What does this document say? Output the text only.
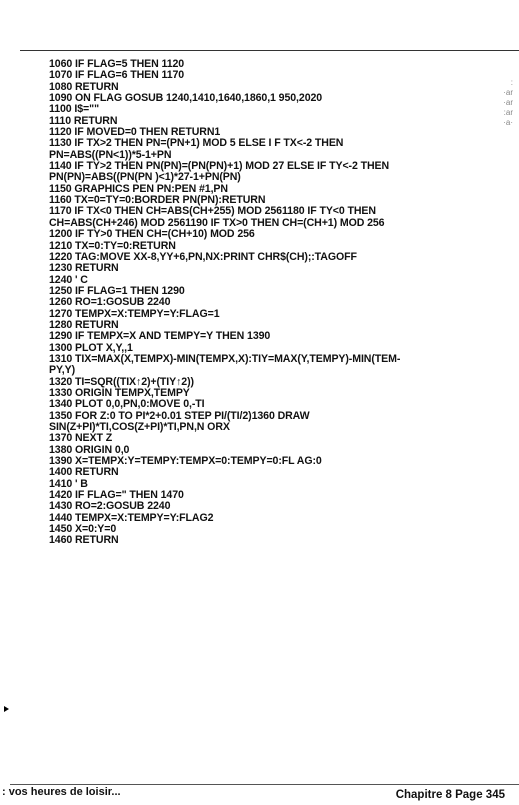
:
·ar
·ar
:ar
·a·
1060 IF FLAG=5 THEN 1120
1070 IF FLAG=6 THEN 1170
1080 RETURN
1090 ON FLAG GOSUB 1240,1410,1640,1860,1 950,2020
1100 I$=""
1110 RETURN
1120 IF MOVED=0 THEN RETURN1
1130 IF TX>2 THEN PN=(PN+1) MOD 5 ELSE I F TX<-2 THEN
PN=ABS((PN<1))*5-1+PN
1140 IF TY>2 THEN PN(PN)=(PN(PN)+1) MOD 27 ELSE IF TY<-2 THEN
PN(PN)=ABS((PN(PN )<1)*27-1+PN(PN)
1150 GRAPHICS PEN PN:PEN #1,PN
1160 TX=0=TY=0:BORDER PN(PN):RETURN
1170 IF TX<0 THEN CH=ABS(CH+255) MOD 2561180 IF TY<0 THEN
CH=ABS(CH+246) MOD 2561190 IF TX>0 THEN CH=(CH+1) MOD 256
1200 IF TY>0 THEN CH=(CH+10) MOD 256
1210 TX=0:TY=0:RETURN
1220 TAG:MOVE XX-8,YY+6,PN,NX:PRINT CHR$(CH);:TAGOFF
1230 RETURN
1240 ' C
1250 IF FLAG=1 THEN 1290
1260 RO=1:GOSUB 2240
1270 TEMPX=X:TEMPY=Y:FLAG=1
1280 RETURN
1290 IF TEMPX=X AND TEMPY=Y THEN 1390
1300 PLOT X,Y,,1
1310 TIX=MAX(X,TEMPX)-MIN(TEMPX,X):TIY=MAX(Y,TEMPY)-MIN(TEM-
PY,Y)
1320 TI=SQR((TIX↑2)+(TIY↑2))
1330 ORIGIN TEMPX,TEMPY
1340 PLOT 0,0,PN,0:MOVE 0,-TI
1350 FOR Z:0 TO PI*2+0.01 STEP PI/(TI/2)1360 DRAW
SIN(Z+PI)*TI,COS(Z+PI)*TI,PN,N ORX
1370 NEXT Z
1380 ORIGIN 0,0
1390 X=TEMPX:Y=TEMPY:TEMPX=0:TEMPY=0:FL AG:0
1400 RETURN
1410 ' B
1420 IF FLAG=" THEN 1470
1430 RO=2:GOSUB 2240
1440 TEMPX=X:TEMPY=Y:FLAG2
1450 X=0:Y=0
1460 RETURN
: vos heures de loisir...	Chapitre 8 Page 345
